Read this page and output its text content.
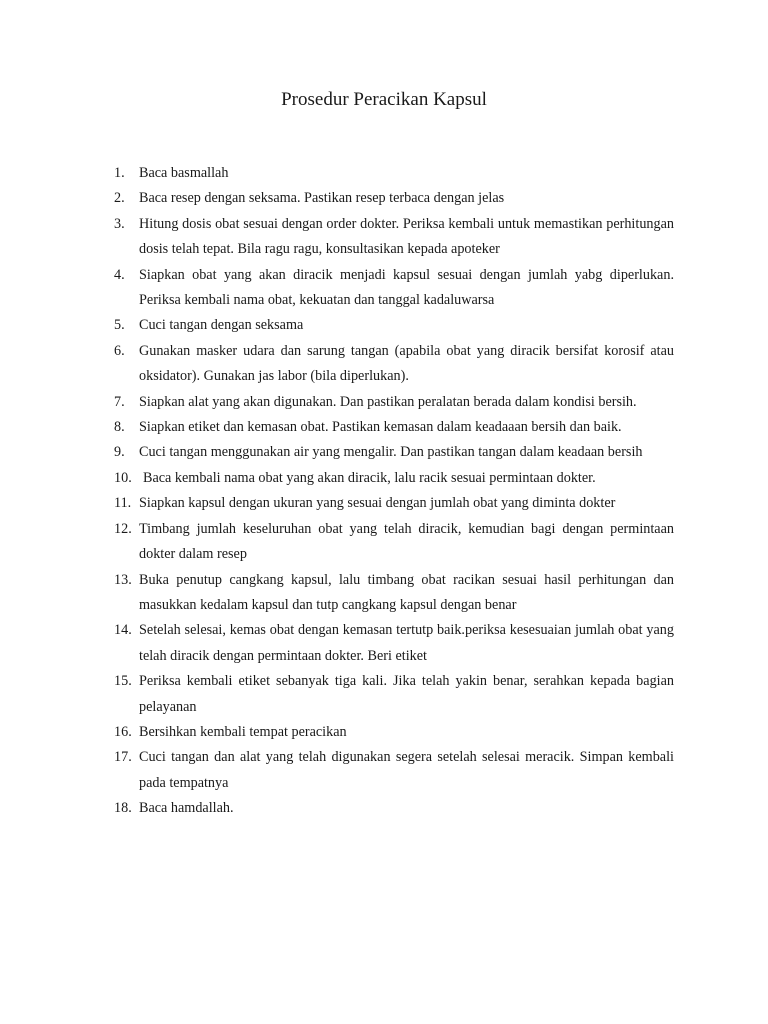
Prosedur Peracikan Kapsul
1.	Baca basmallah
2.	Baca resep dengan seksama. Pastikan resep terbaca dengan jelas
3.	Hitung dosis obat sesuai dengan order dokter. Periksa kembali untuk memastikan perhitungan dosis telah tepat. Bila ragu ragu, konsultasikan kepada apoteker
4.	Siapkan obat yang akan diracik menjadi kapsul sesuai dengan jumlah yabg diperlukan. Periksa kembali nama obat, kekuatan dan tanggal kadaluwarsa
5.	Cuci tangan dengan seksama
6.	Gunakan masker udara dan sarung tangan (apabila obat yang diracik bersifat korosif atau oksidator). Gunakan jas labor (bila diperlukan).
7.	Siapkan alat yang akan digunakan. Dan pastikan peralatan berada dalam kondisi bersih.
8.	Siapkan etiket dan kemasan obat. Pastikan kemasan dalam keadaaan bersih dan baik.
9.	Cuci tangan menggunakan air yang mengalir. Dan pastikan tangan dalam keadaan bersih
10. Baca kembali nama obat yang akan diracik, lalu racik sesuai permintaan dokter.
11. Siapkan kapsul dengan ukuran yang sesuai dengan jumlah obat yang diminta dokter
12. Timbang jumlah keseluruhan obat yang telah diracik, kemudian bagi dengan permintaan dokter dalam resep
13. Buka penutup cangkang kapsul, lalu timbang obat racikan sesuai hasil perhitungan dan masukkan kedalam kapsul dan tutp cangkang kapsul dengan benar
14. Setelah selesai, kemas obat dengan kemasan tertutp baik.periksa kesesuaian jumlah obat yang telah diracik dengan permintaan dokter. Beri etiket
15. Periksa kembali etiket sebanyak tiga kali. Jika telah yakin benar, serahkan kepada bagian pelayanan
16. Bersihkan kembali tempat peracikan
17. Cuci tangan dan alat yang telah digunakan segera setelah selesai meracik. Simpan kembali pada tempatnya
18. Baca hamdallah.
